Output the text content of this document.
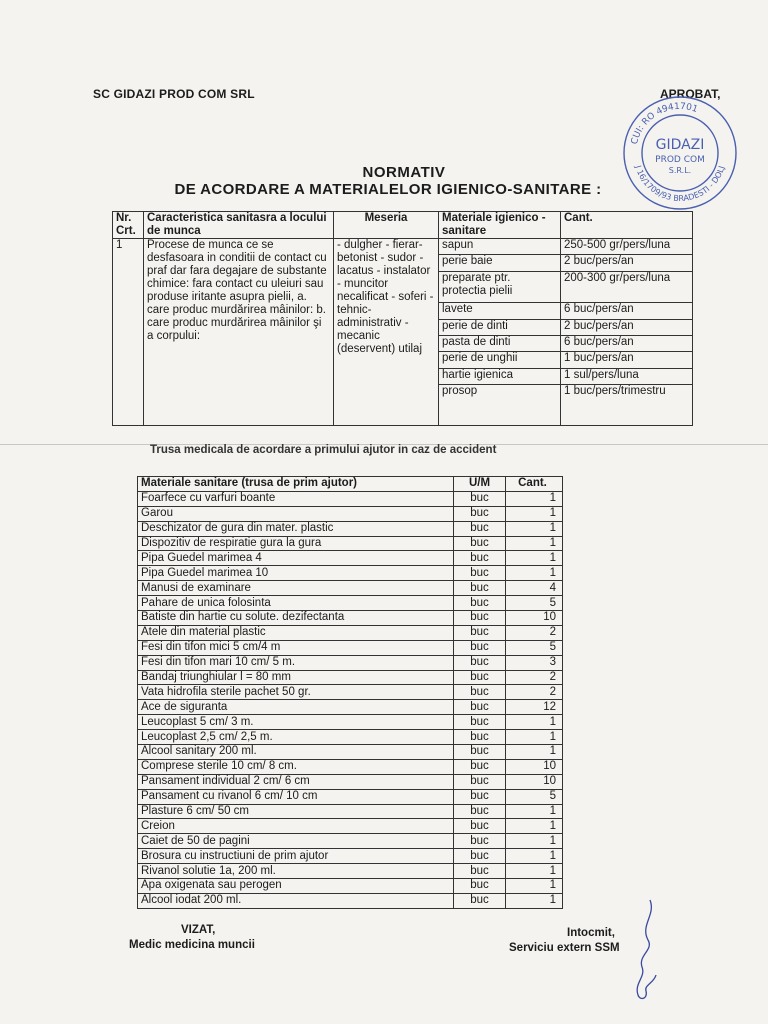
SC GIDAZI PROD COM SRL	APROBAT,
CUI: RO 4941701
J 16/1709/93 BRADESTI - DOLJ
GIDAZI
PROD COM
S.R.L.
NORMATIV
DE ACORDARE A MATERIALELOR IGIENICO-SANITARE :
Nr. Crt.	Caracteristica sanitasra a locului de munca	Meseria	Materiale igienico - sanitare	Cant.
1	Procese de munca ce se desfasoara in conditii de contact cu praf dar fara degajare de substante chimice: fara contact cu uleiuri sau produse iritante asupra pielii, a. care produc murdărirea mâinilor: b. care produc murdărirea mâinilor şi a corpului:	- dulgher - fierar-betonist - sudor - lacatus - instalator - muncitor necalificat - soferi - tehnic-administrativ - mecanic (deservent) utilaj	sapun	250-500 gr/pers/luna
			perie baie	2 buc/pers/an
			preparate ptr. protectia pielii	200-300 gr/pers/luna
			lavete	6 buc/pers/an
			perie de dinti	2 buc/pers/an
			pasta de dinti	6 buc/pers/an
			perie de unghii	1 buc/pers/an
			hartie igienica	1 sul/pers/luna
			prosop	1 buc/pers/trimestru
Trusa medicala de acordare a primului ajutor in caz de accident
Materiale sanitare (trusa de prim ajutor)	U/M	Cant.
Foarfece cu varfuri boante	buc	1
Garou	buc	1
Deschizator de gura din mater. plastic	buc	1
Dispozitiv de respiratie gura la gura	buc	1
Pipa Guedel marimea 4	buc	1
Pipa Guedel marimea 10	buc	1
Manusi de examinare	buc	4
Pahare de unica folosinta	buc	5
Batiste din hartie cu solute. dezifectanta	buc	10
Atele din material plastic	buc	2
Fesi din tifon mici 5 cm/4 m	buc	5
Fesi din tifon mari 10 cm/ 5 m.	buc	3
Bandaj triunghiular l = 80 mm	buc	2
Vata hidrofila sterile pachet 50 gr.	buc	2
Ace de siguranta	buc	12
Leucoplast 5 cm/ 3 m.	buc	1
Leucoplast 2,5 cm/ 2,5 m.	buc	1
Alcool sanitary 200 ml.	buc	1
Comprese sterile 10 cm/ 8 cm.	buc	10
Pansament individual 2 cm/ 6 cm	buc	10
Pansament cu rivanol 6 cm/ 10 cm	buc	5
Plasture 6 cm/ 50 cm	buc	1
Creion	buc	1
Caiet de 50 de pagini	buc	1
Brosura cu instructiuni de prim ajutor	buc	1
Rivanol solutie 1a, 200 ml.	buc	1
Apa oxigenata sau perogen	buc	1
Alcool iodat 200 ml.	buc	1
VIZAT,
Medic medicina muncii
Intocmit,
Serviciu extern SSM
